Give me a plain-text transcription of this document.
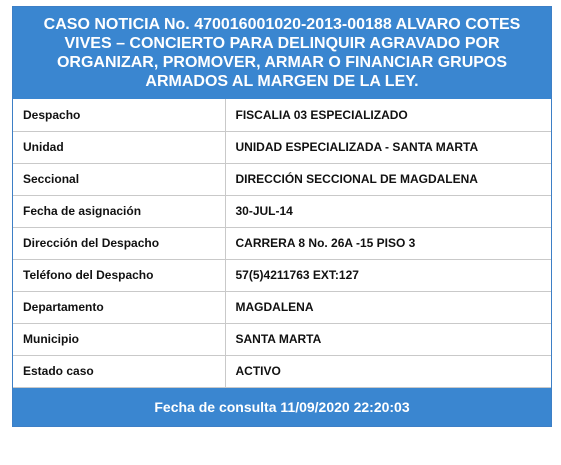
CASO NOTICIA No. 470016001020-2013-00188 ALVARO COTES VIVES – CONCIERTO PARA DELINQUIR AGRAVADO POR ORGANIZAR, PROMOVER, ARMAR O FINANCIAR GRUPOS ARMADOS AL MARGEN DE LA LEY.
Despacho	FISCALIA 03 ESPECIALIZADO
Unidad	UNIDAD ESPECIALIZADA - SANTA MARTA
Seccional	DIRECCIÓN SECCIONAL DE MAGDALENA
Fecha de asignación	30-JUL-14
Dirección del Despacho	CARRERA 8 No. 26A -15 PISO 3
Teléfono del Despacho	57(5)4211763 EXT:127
Departamento	MAGDALENA
Municipio	SANTA MARTA
Estado caso	ACTIVO
Fecha de consulta 11/09/2020 22:20:03
